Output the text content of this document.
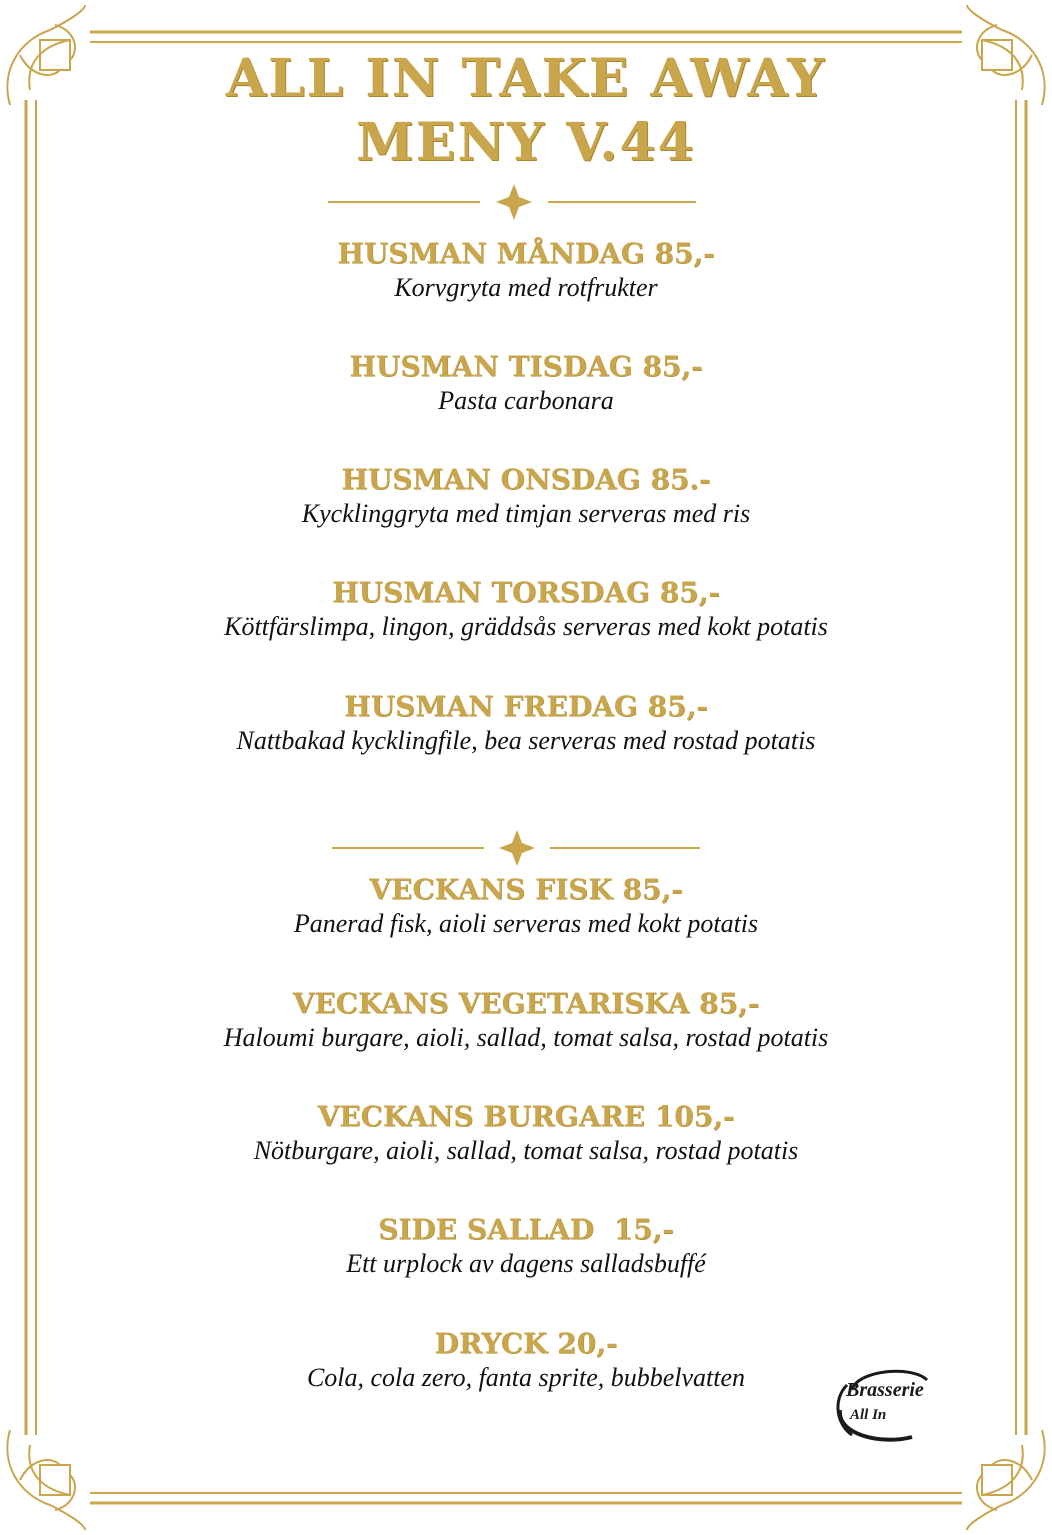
ALL IN TAKE AWAY
MENY V.44
HUSMAN MÅNDAG 85,-
Korvgryta med rotfrukter
HUSMAN TISDAG 85,-
Pasta carbonara
HUSMAN ONSDAG 85.-
Kycklinggryta med timjan serveras med ris
HUSMAN TORSDAG 85,-
Köttfärslimpa, lingon, gräddsås serveras med kokt potatis
HUSMAN FREDAG 85,-
Nattbakad kycklingfile, bea serveras med rostad potatis
VECKANS FISK 85,-
Panerad fisk, aioli serveras med kokt potatis
VECKANS VEGETARISKA 85,-
Haloumi burgare, aioli, sallad, tomat salsa, rostad potatis
VECKANS BURGARE 105,-
Nötburgare, aioli, sallad, tomat salsa, rostad potatis
SIDE SALLAD  15,-
Ett urplock av dagens salladsbuffé
DRYCK 20,-
Cola, cola zero, fanta sprite, bubbelvatten	Brasserie
All In
